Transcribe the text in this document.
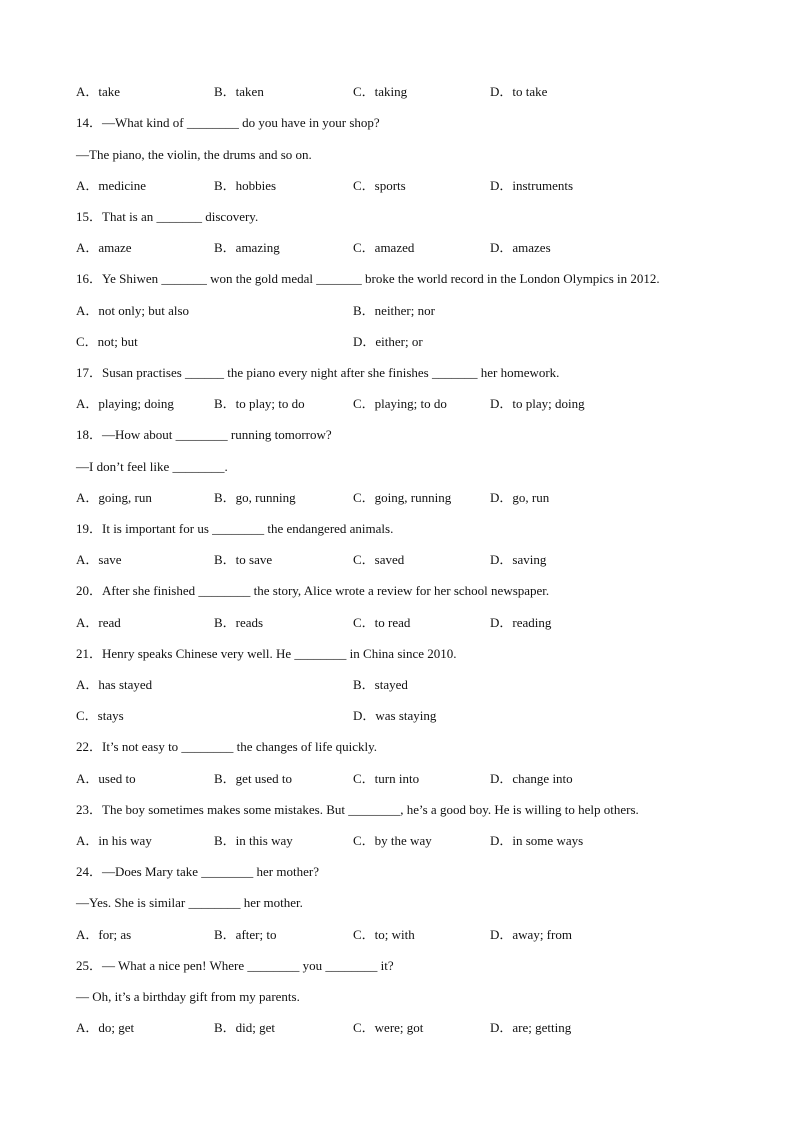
A．take	B．taken	C．taking	D．to take
14．—What kind of ________ do you have in your shop?
—The piano, the violin, the drums and so on.
A．medicine	B．hobbies	C．sports	D．instruments
15．That is an _______ discovery.
A．amaze	B．amazing	C．amazed	D．amazes
16．Ye Shiwen _______ won the gold medal _______ broke the world record in the London Olympics in 2012.
A．not only; but also	B．neither; nor
C．not; but	D．either; or
17．Susan practises ______ the piano every night after she finishes _______ her homework.
A．playing; doing	B．to play; to do	C．playing; to do	D．to play; doing
18．—How about ________ running tomorrow?
—I don’t feel like ________.
A．going, run	B．go, running	C．going, running	D．go, run
19．It is important for us ________ the endangered animals.
A．save	B．to save	C．saved	D．saving
20．After she finished ________ the story, Alice wrote a review for her school newspaper.
A．read	B．reads	C．to read	D．reading
21．Henry speaks Chinese very well. He ________ in China since 2010.
A．has stayed	B．stayed
C．stays	D．was staying
22．It’s not easy to ________ the changes of life quickly.
A．used to	B．get used to	C．turn into	D．change into
23．The boy sometimes makes some mistakes. But ________, he’s a good boy. He is willing to help others.
A．in his way	B．in this way	C．by the way	D．in some ways
24．—Does Mary take ________ her mother?
—Yes. She is similar ________ her mother.
A．for; as	B．after; to	C．to; with	D．away; from
25．— What a nice pen! Where ________ you ________ it?
— Oh, it’s a birthday gift from my parents.
A．do; get	B．did; get	C．were; got	D．are; getting
